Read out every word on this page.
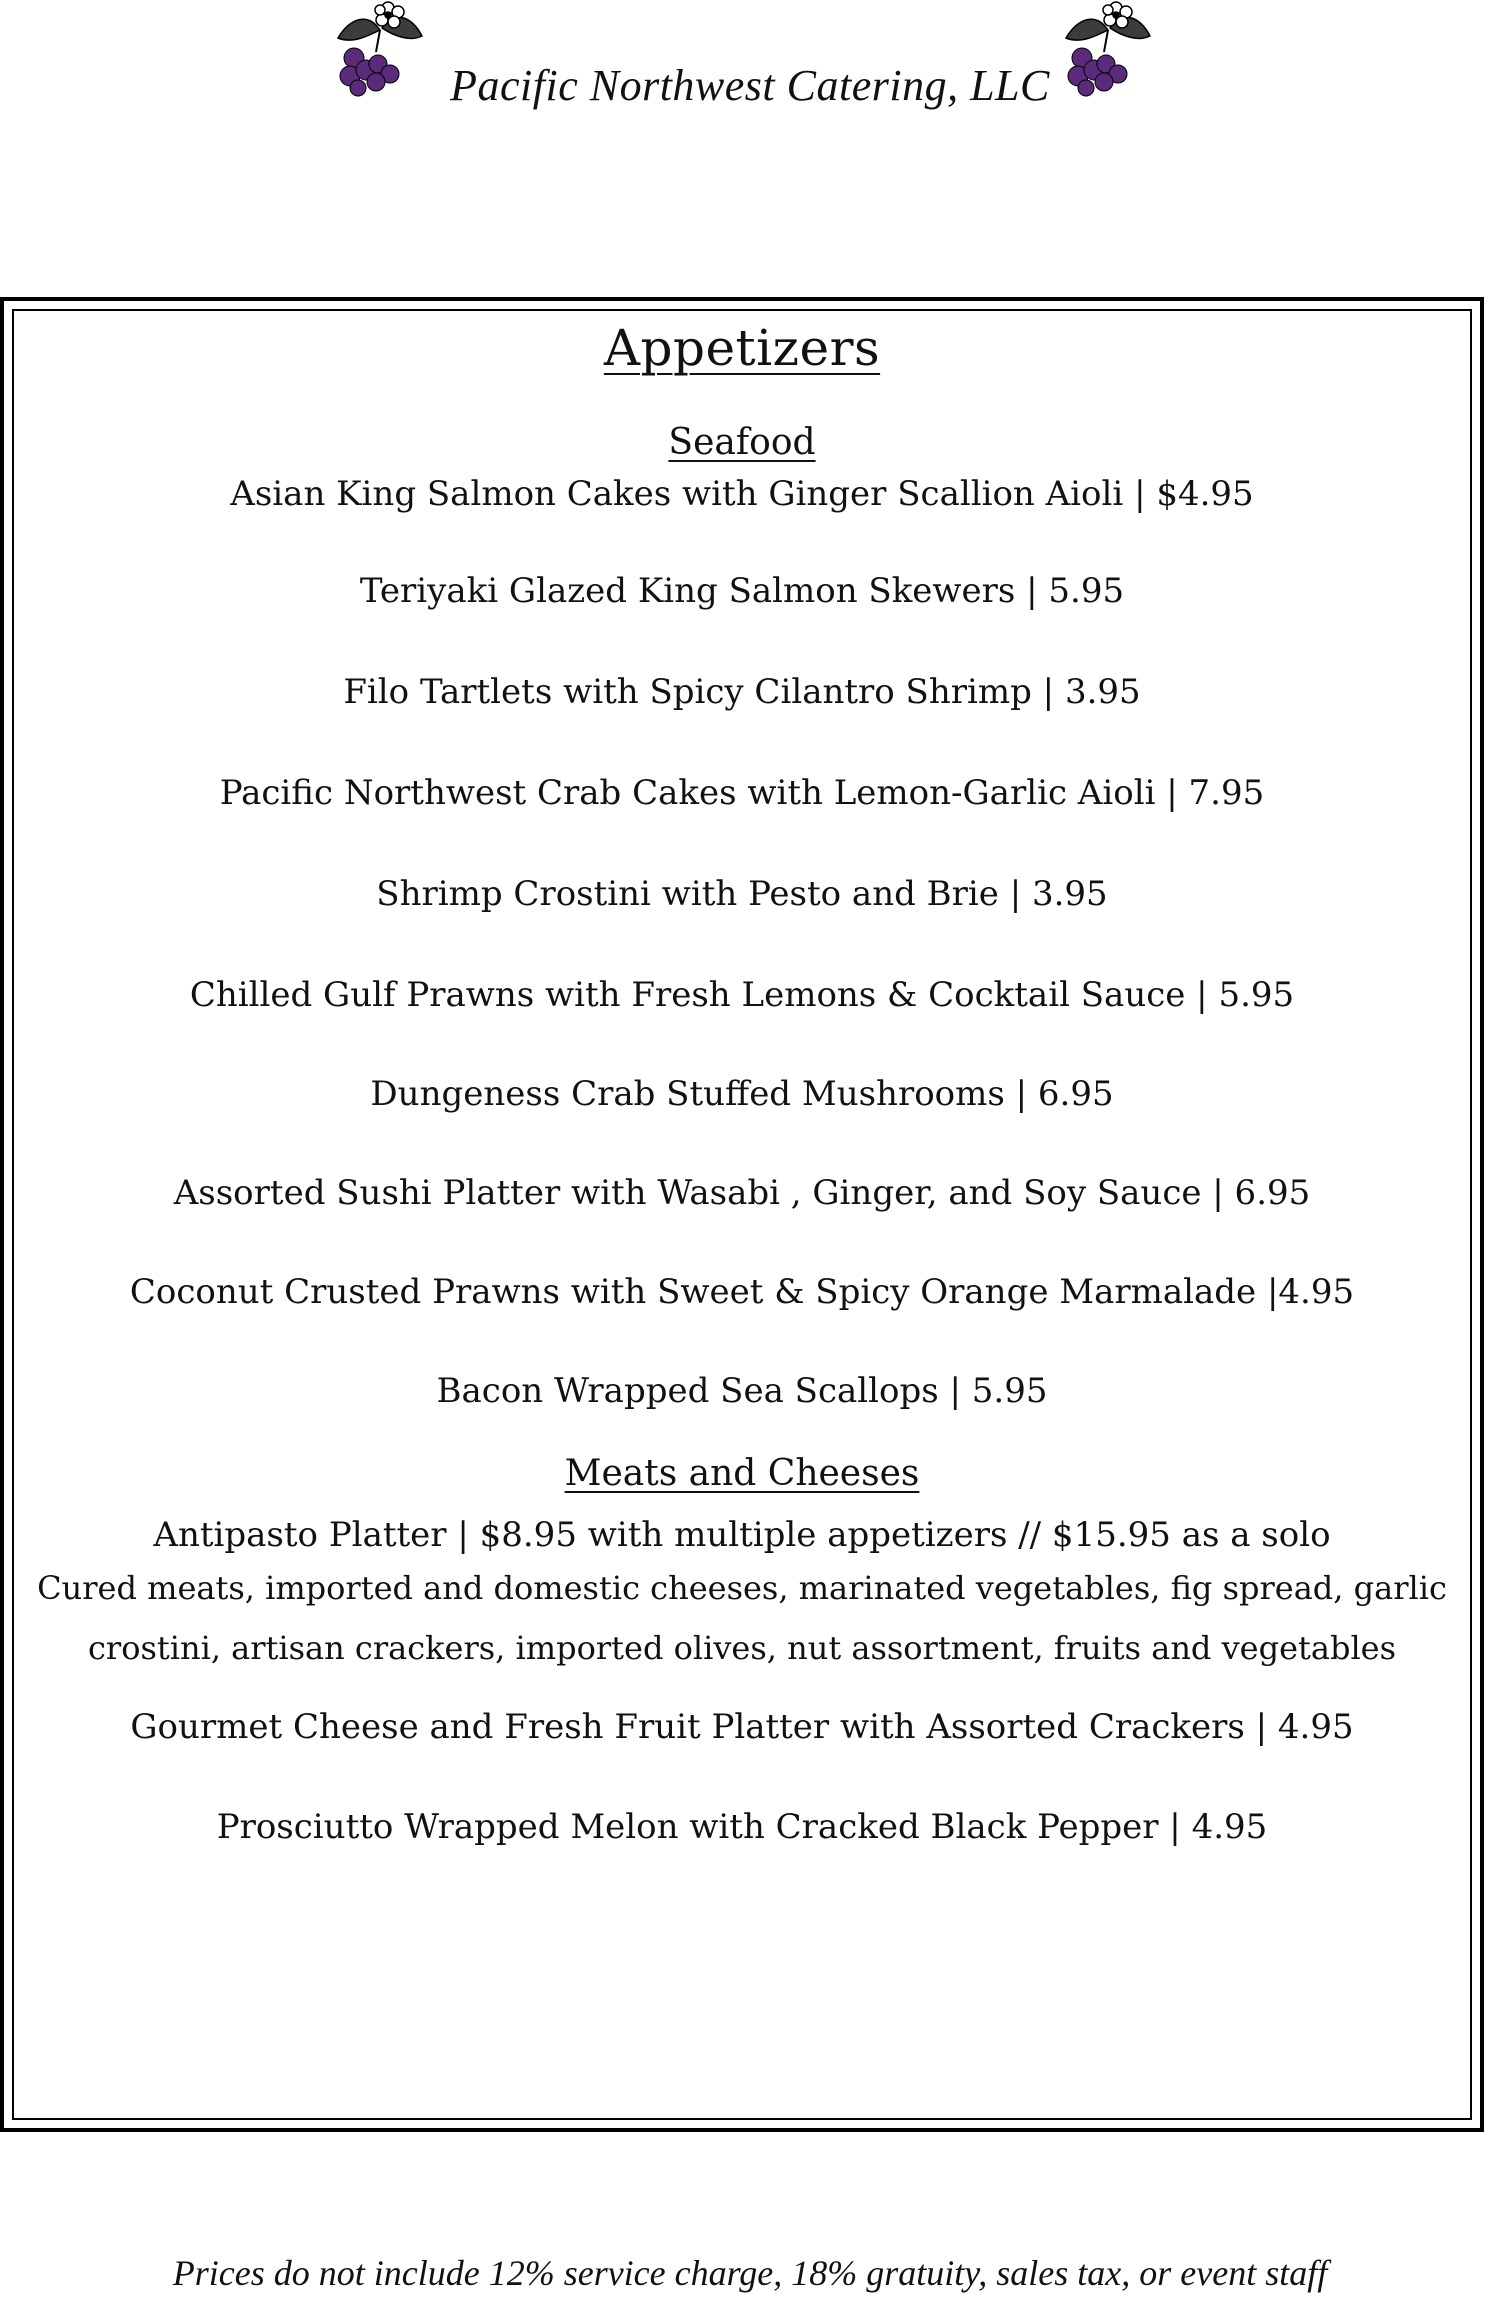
Pacific Northwest Catering, LLC
Appetizers
Seafood
Asian King Salmon Cakes with Ginger Scallion Aioli | $4.95
Teriyaki Glazed King Salmon Skewers | 5.95
Filo Tartlets with Spicy Cilantro Shrimp | 3.95
Pacific Northwest Crab Cakes with Lemon-Garlic Aioli | 7.95
Shrimp Crostini with Pesto and Brie | 3.95
Chilled Gulf Prawns with Fresh Lemons & Cocktail Sauce | 5.95
Dungeness Crab Stuffed Mushrooms | 6.95
Assorted Sushi Platter with Wasabi , Ginger, and Soy Sauce | 6.95
Coconut Crusted Prawns with Sweet & Spicy Orange Marmalade |4.95
Bacon Wrapped Sea Scallops | 5.95
Meats and Cheeses
Antipasto Platter | $8.95 with multiple appetizers // $15.95 as a solo
Cured meats, imported and domestic cheeses, marinated vegetables, fig spread, garlic crostini, artisan crackers, imported olives, nut assortment, fruits and vegetables
Gourmet Cheese and Fresh Fruit Platter with Assorted Crackers | 4.95
Prosciutto Wrapped Melon with Cracked Black Pepper | 4.95
Prices do not include 12% service charge, 18% gratuity, sales tax, or event staff
